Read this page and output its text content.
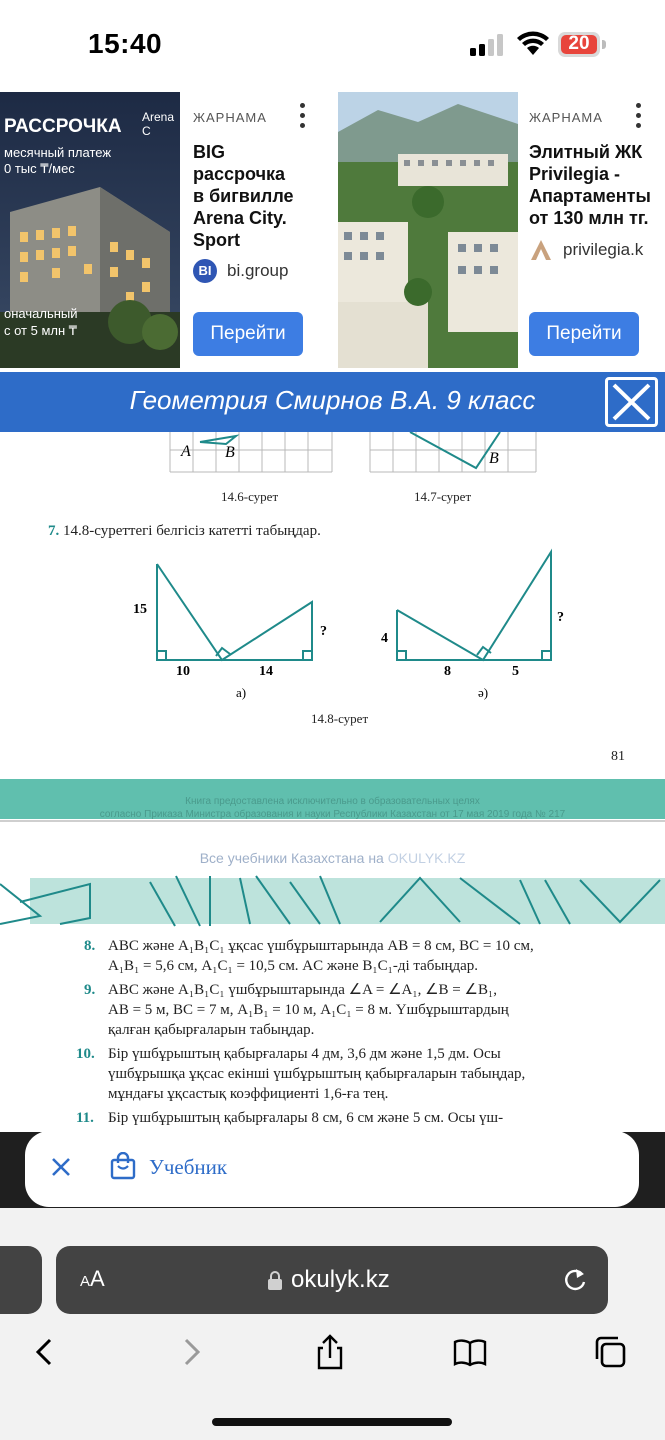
15:40	20
РАССРОЧКА
месячный платеж
0 тыс ₸/мес
Arena C
оначальный
с от 5 млн ₸
ЖАРНАМА
BIG
рассрочка
в бигвилле
Arena City.
Sport
BI bi.group
Перейти
ЖАРНАМА
Элитный ЖК
Privilegia -
Апартаменты
от 130 млн тг.
privilegia.k
Перейти
Геометрия Смирнов В.А. 9 класс
A B	B
14.6-сурет	14.7-сурет
7. 14.8-суреттегі белгісіз катетті табыңдар.
15
10	14
?
а)
4
8	5
?
ә)
14.8-сурет
81
Книга предоставлена исключительно в образовательных целях
согласно Приказа Министра образования и науки Республики Казахстан от 17 мая 2019 года № 217
Все учебники Казахстана на OKULYK.KZ
8. ABC және A₁B₁C₁ ұқсас үшбұрыштарында AB = 8 см, BC = 10 см,
A₁B₁ = 5,6 см, A₁C₁ = 10,5 см. AC және B₁C₁-ді табыңдар.
9. ABC және A₁B₁C₁ үшбұрыштарында ∠A = ∠A₁, ∠B = ∠B₁,
AB = 5 м, BC = 7 м, A₁B₁ = 10 м, A₁C₁ = 8 м. Үшбұрыштардың
қалған қабырғаларын табыңдар.
10. Бір үшбұрыштың қабырғалары 4 дм, 3,6 дм және 1,5 дм. Осы
үшбұрышқа ұқсас екінші үшбұрыштың қабырғаларын табыңдар,
мұндағы ұқсастық коэффициенті 1,6-ға тең.
11. Бір үшбұрыштың қабырғалары 8 см, 6 см және 5 см. Осы үш-
Учебник
AA	okulyk.kz
